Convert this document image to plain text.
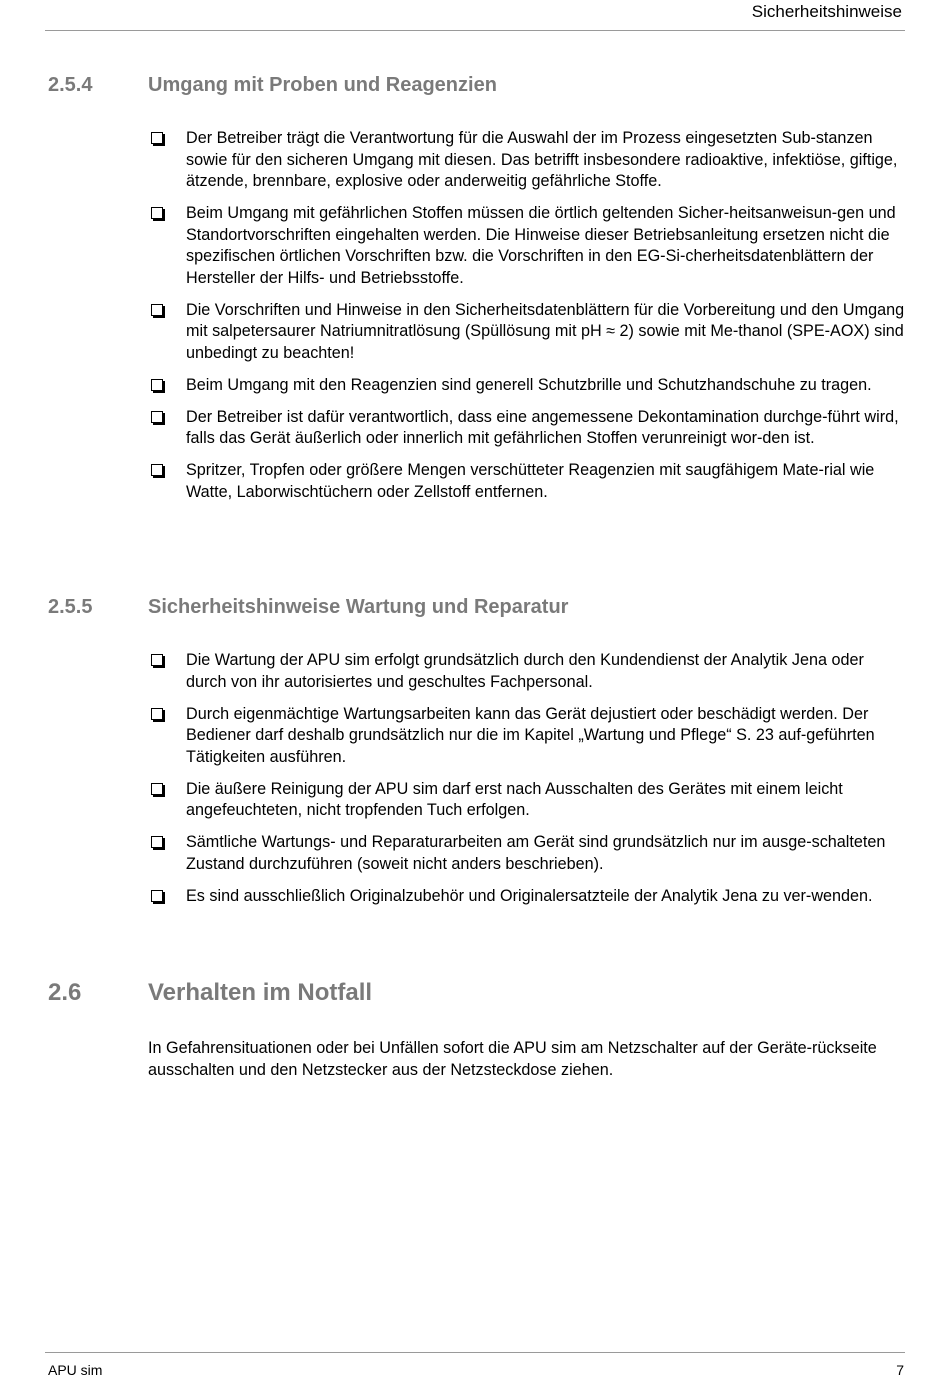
Sicherheitshinweise
2.5.4	Umgang mit Proben und Reagenzien
Der Betreiber trägt die Verantwortung für die Auswahl der im Prozess eingesetzten Sub-stanzen sowie für den sicheren Umgang mit diesen. Das betrifft insbesondere radioaktive, infektiöse, giftige, ätzende, brennbare, explosive oder anderweitig gefährliche Stoffe.
Beim Umgang mit gefährlichen Stoffen müssen die örtlich geltenden Sicher-heitsanweisun-gen und Standortvorschriften eingehalten werden. Die Hinweise dieser Betriebsanleitung ersetzen nicht die spezifischen örtlichen Vorschriften bzw. die Vorschriften in den EG-Si-cherheitsdatenblättern der Hersteller der Hilfs- und Betriebsstoffe.
Die Vorschriften und Hinweise in den Sicherheitsdatenblättern für die Vorbereitung und den Umgang mit salpetersaurer Natriumnitratlösung (Spüllösung mit pH ≈ 2) sowie mit Me-thanol (SPE-AOX) sind unbedingt zu beachten!
Beim Umgang mit den Reagenzien sind generell Schutzbrille und Schutzhandschuhe zu tragen.
Der Betreiber ist dafür verantwortlich, dass eine angemessene Dekontamination durchge-führt wird, falls das Gerät äußerlich oder innerlich mit gefährlichen Stoffen verunreinigt wor-den ist.
Spritzer, Tropfen oder größere Mengen verschütteter Reagenzien mit saugfähigem Mate-rial wie Watte, Laborwischtüchern oder Zellstoff entfernen.
2.5.5	Sicherheitshinweise Wartung und Reparatur
Die Wartung der APU sim erfolgt grundsätzlich durch den Kundendienst der Analytik Jena oder durch von ihr autorisiertes und geschultes Fachpersonal.
Durch eigenmächtige Wartungsarbeiten kann das Gerät dejustiert oder beschädigt werden. Der Bediener darf deshalb grundsätzlich nur die im Kapitel „Wartung und Pflege“ S. 23 auf-geführten Tätigkeiten ausführen.
Die äußere Reinigung der APU sim darf erst nach Ausschalten des Gerätes mit einem leicht angefeuchteten, nicht tropfenden Tuch erfolgen.
Sämtliche Wartungs- und Reparaturarbeiten am Gerät sind grundsätzlich nur im ausge-schalteten Zustand durchzuführen (soweit nicht anders beschrieben).
Es sind ausschließlich Originalzubehör und Originalersatzteile der Analytik Jena zu ver-wenden.
2.6	Verhalten im Notfall

In Gefahrensituationen oder bei Unfällen sofort die APU sim am Netzschalter auf der Geräte-rückseite ausschalten und den Netzstecker aus der Netzsteckdose ziehen.

APU sim	7
